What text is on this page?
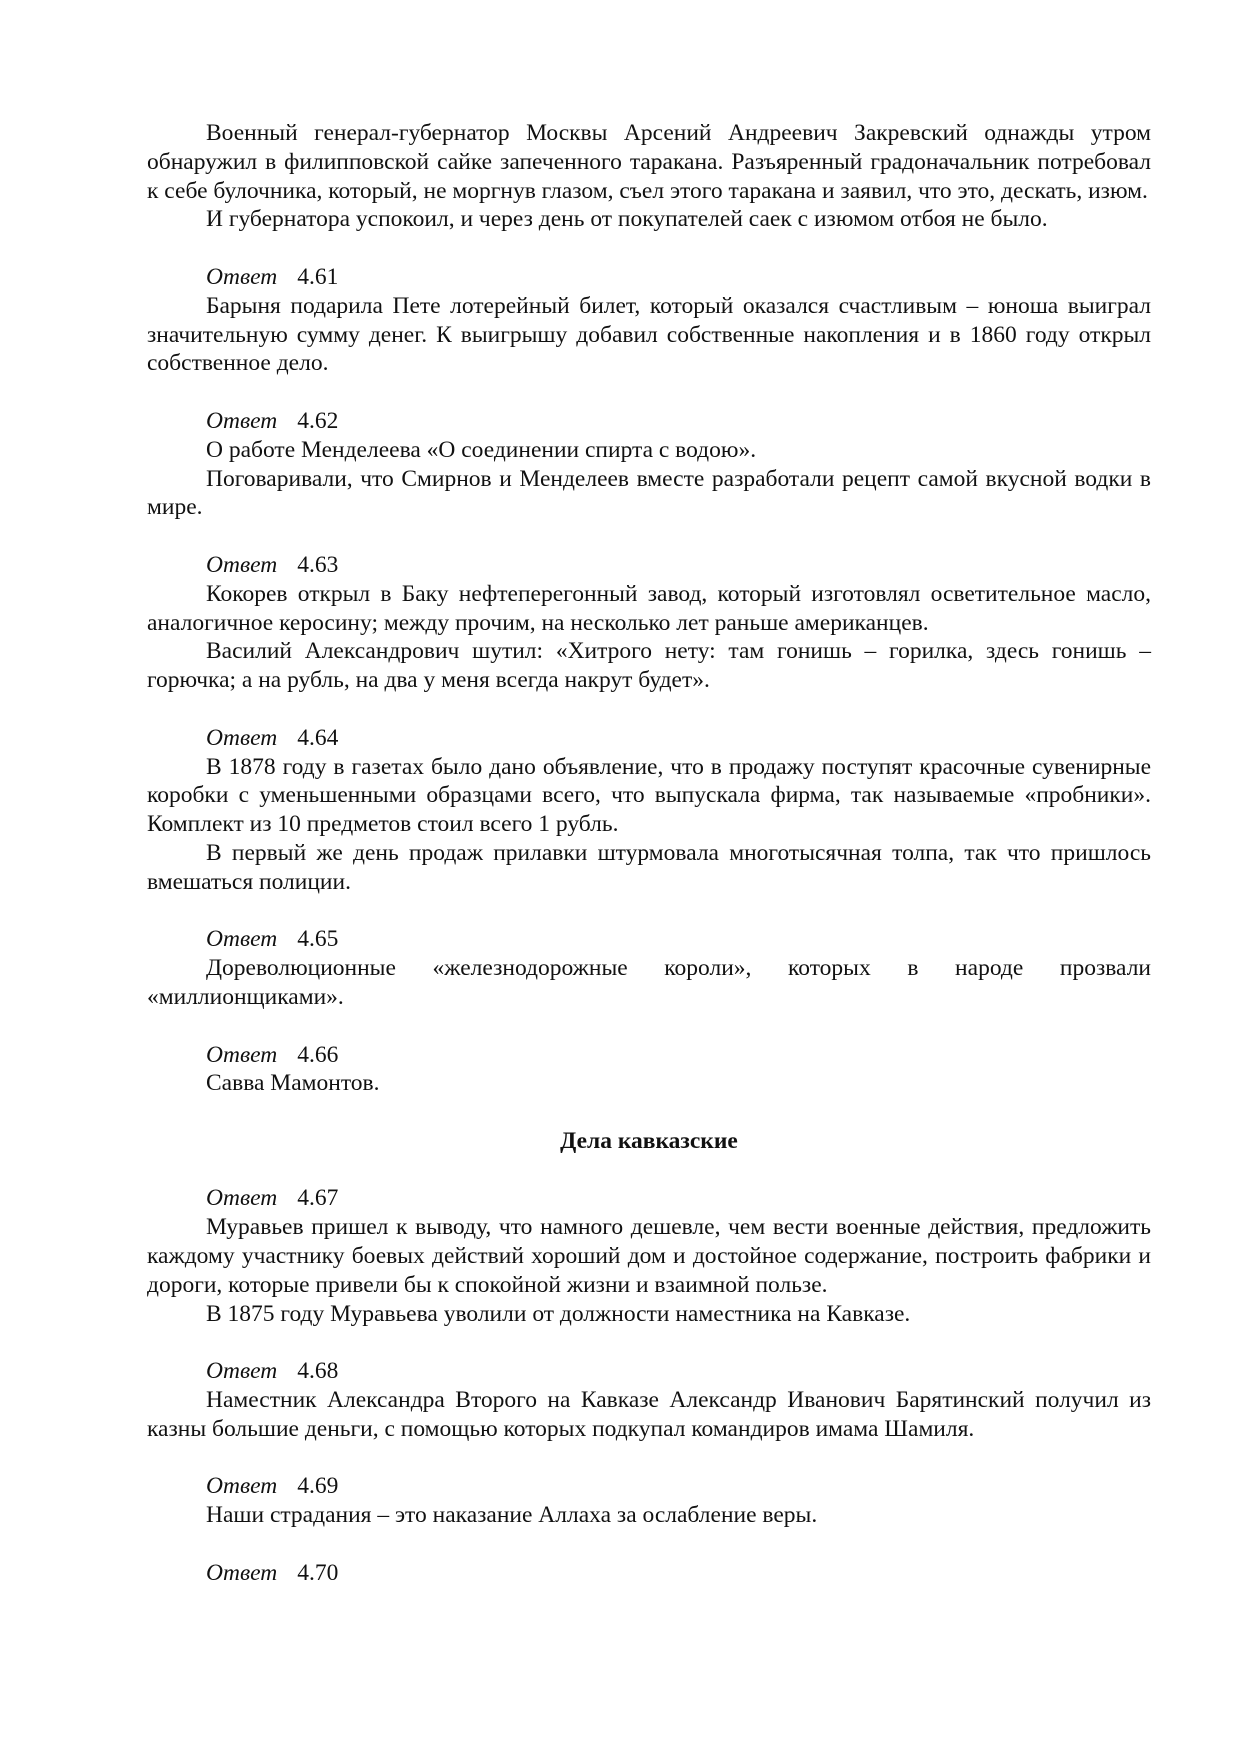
Военный генерал-губернатор Москвы Арсений Андреевич Закревский однажды утром обнаружил в филипповской сайке запеченного таракана. Разъяренный градоначальник потребовал к себе булочника, который, не моргнув глазом, съел этого таракана и заявил, что это, дескать, изюм.

И губернатора успокоил, и через день от покупателей саек с изюмом отбоя не было.

Ответ 4.61

Барыня подарила Пете лотерейный билет, который оказался счастливым – юноша выиграл значительную сумму денег. К выигрышу добавил собственные накопления и в 1860 году открыл собственное дело.

Ответ 4.62

О работе Менделеева «О соединении спирта с водою».

Поговаривали, что Смирнов и Менделеев вместе разработали рецепт самой вкусной водки в мире.

Ответ 4.63

Кокорев открыл в Баку нефтеперегонный завод, который изготовлял осветительное масло, аналогичное керосину; между прочим, на несколько лет раньше американцев.

Василий Александрович шутил: «Хитрого нету: там гонишь – горилка, здесь гонишь – горючка; а на рубль, на два у меня всегда накрут будет».

Ответ 4.64

В 1878 году в газетах было дано объявление, что в продажу поступят красочные сувенирные коробки с уменьшенными образцами всего, что выпускала фирма, так называемые «пробники». Комплект из 10 предметов стоил всего 1 рубль.

В первый же день продаж прилавки штурмовала многотысячная толпа, так что пришлось вмешаться полиции.

Ответ 4.65

Дореволюционные «железнодорожные короли», которых в народе прозвали «миллионщиками».

Ответ 4.66

Савва Мамонтов.

Дела кавказские

Ответ 4.67

Муравьев пришел к выводу, что намного дешевле, чем вести военные действия, предложить каждому участнику боевых действий хороший дом и достойное содержание, построить фабрики и дороги, которые привели бы к спокойной жизни и взаимной пользе.

В 1875 году Муравьева уволили от должности наместника на Кавказе.

Ответ 4.68

Наместник Александра Второго на Кавказе Александр Иванович Барятинский получил из казны большие деньги, с помощью которых подкупал командиров имама Шамиля.

Ответ 4.69

Наши страдания – это наказание Аллаха за ослабление веры.

Ответ 4.70
